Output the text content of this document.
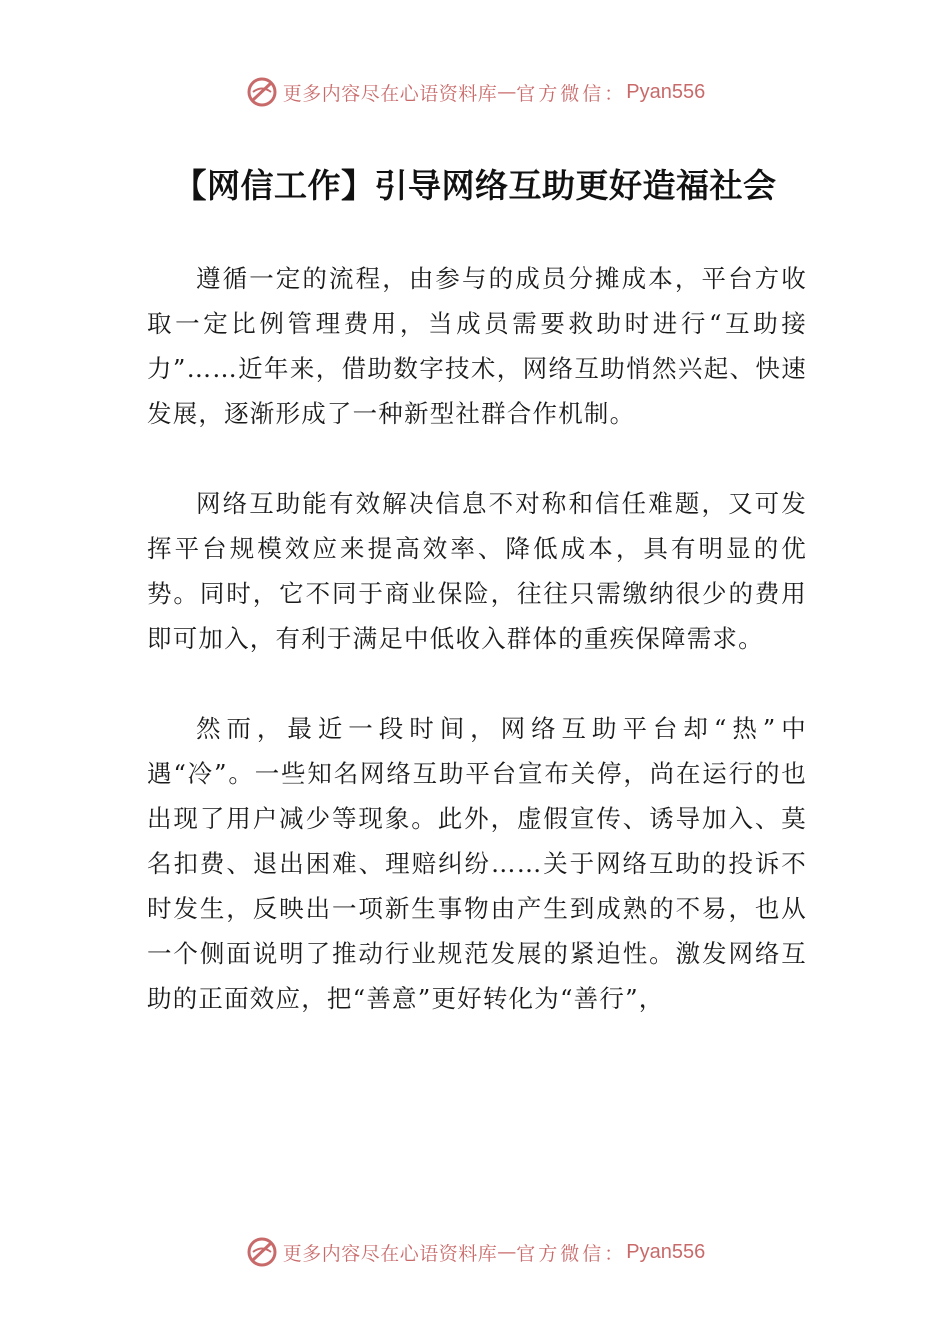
更多内容尽在心语资料库 — 官方微信： Pyan556
【网信工作】引导网络互助更好造福社会

遵循一定的流程，由参与的成员分摊成本，平台方收取一定比例管理费用，当成员需要救助时进行“互助接力”……近年来，借助数字技术，网络互助悄然兴起、快速发展，逐渐形成了一种新型社群合作机制。

网络互助能有效解决信息不对称和信任难题，又可发挥平台规模效应来提高效率、降低成本，具有明显的优势。同时，它不同于商业保险，往往只需缴纳很少的费用即可加入，有利于满足中低收入群体的重疾保障需求。

然而，最近一段时间，网络互助平台却“热”中遇“冷”。一些知名网络互助平台宣布关停，尚在运行的也出现了用户减少等现象。此外，虚假宣传、诱导加入、莫名扣费、退出困难、理赔纠纷……关于网络互助的投诉不时发生，反映出一项新生事物由产生到成熟的不易，也从一个侧面说明了推动行业规范发展的紧迫性。激发网络互助的正面效应，把“善意”更好转化为“善行”，

更多内容尽在心语资料库 — 官方微信： Pyan556
